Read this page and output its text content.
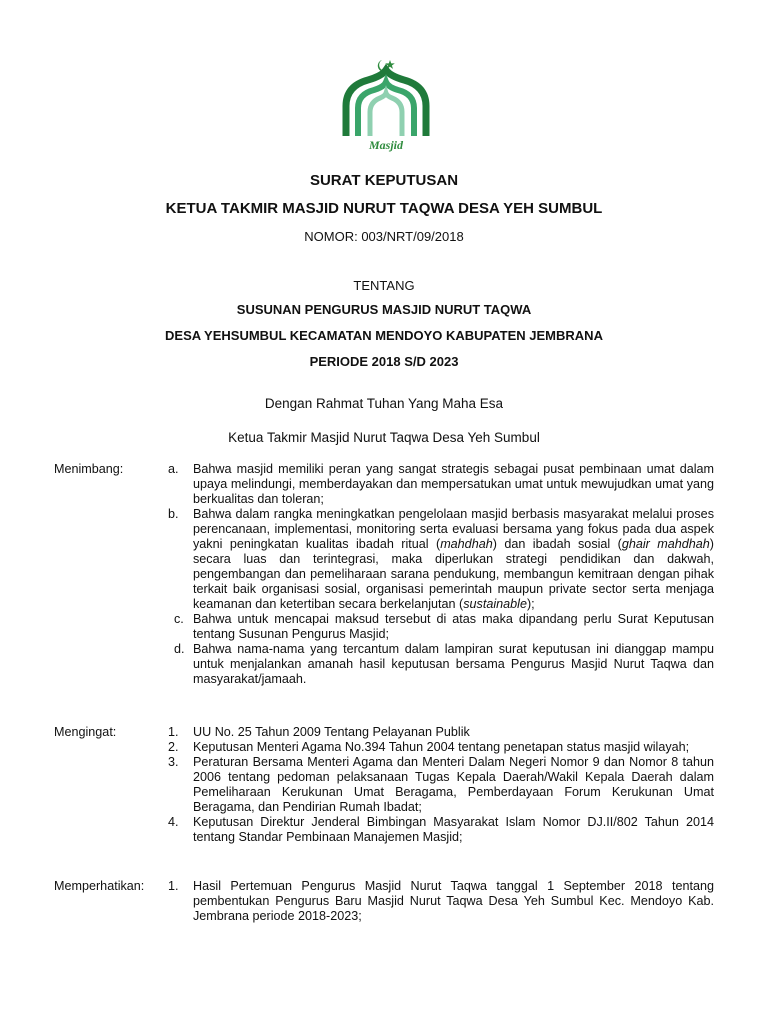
Masjid
SURAT KEPUTUSAN
KETUA TAKMIR MASJID NURUT TAQWA DESA YEH SUMBUL
NOMOR: 003/NRT/09/2018
TENTANG
SUSUNAN PENGURUS MASJID NURUT TAQWA
DESA YEHSUMBUL KECAMATAN MENDOYO KABUPATEN JEMBRANA
PERIODE 2018 S/D 2023
Dengan Rahmat Tuhan Yang Maha Esa
Ketua Takmir Masjid Nurut Taqwa Desa Yeh Sumbul
Menimbang:	a. Bahwa masjid memiliki peran yang sangat strategis sebagai pusat pembinaan umat dalam upaya melindungi, memberdayakan dan mempersatukan umat untuk mewujudkan umat yang berkualitas dan toleran;
b. Bahwa dalam rangka meningkatkan pengelolaan masjid berbasis masyarakat melalui proses perencanaan, implementasi, monitoring serta evaluasi bersama yang fokus pada dua aspek yakni peningkatan kualitas ibadah ritual (mahdhah) dan ibadah sosial (ghair mahdhah) secara luas dan terintegrasi, maka diperlukan strategi pendidikan dan dakwah, pengembangan dan pemeliharaan sarana pendukung, membangun kemitraan dengan pihak terkait baik organisasi sosial, organisasi pemerintah maupun private sector serta menjaga keamanan dan ketertiban secara berkelanjutan (sustainable);
c. Bahwa untuk mencapai maksud tersebut di atas maka dipandang perlu Surat Keputusan tentang Susunan Pengurus Masjid;
d. Bahwa nama-nama yang tercantum dalam lampiran surat keputusan ini dianggap mampu untuk menjalankan amanah hasil keputusan bersama Pengurus Masjid Nurut Taqwa dan masyarakat/jamaah.
Mengingat:	1. UU No. 25 Tahun 2009 Tentang Pelayanan Publik
2. Keputusan Menteri Agama No.394 Tahun 2004 tentang penetapan status masjid wilayah;
3. Peraturan Bersama Menteri Agama dan Menteri Dalam Negeri Nomor 9 dan Nomor 8 tahun 2006 tentang pedoman pelaksanaan Tugas Kepala Daerah/Wakil Kepala Daerah dalam Pemeliharaan Kerukunan Umat Beragama, Pemberdayaan Forum Kerukunan Umat Beragama, dan Pendirian Rumah Ibadat;
4. Keputusan Direktur Jenderal Bimbingan Masyarakat Islam Nomor DJ.II/802 Tahun 2014 tentang Standar Pembinaan Manajemen Masjid;
Memperhatikan:	1. Hasil Pertemuan Pengurus Masjid Nurut Taqwa tanggal 1 September 2018 tentang pembentukan Pengurus Baru Masjid Nurut Taqwa Desa Yeh Sumbul Kec. Mendoyo Kab. Jembrana periode 2018-2023;
